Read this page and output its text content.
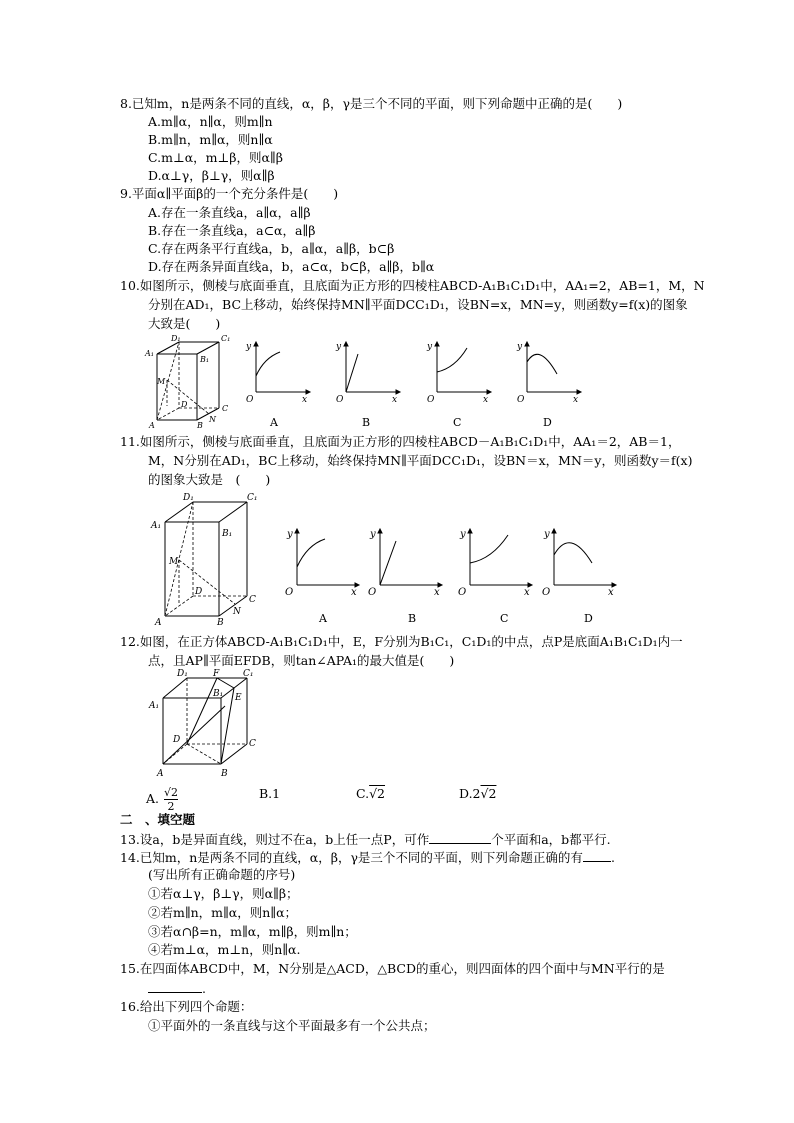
8.已知m，n是两条不同的直线，α，β，γ是三个不同的平面，则下列命题中正确的是(　　)
A.m∥α，n∥α，则m∥n
B.m∥n，m∥α，则n∥α
C.m⊥α，m⊥β，则α∥β
D.α⊥γ，β⊥γ，则α∥β
9.平面α∥平面β的一个充分条件是(　　)
A.存在一条直线a，a∥α，a∥β
B.存在一条直线a，a⊂α，a∥β
C.存在两条平行直线a，b，a∥α，a∥β，b⊂β
D.存在两条异面直线a，b，a⊂α，b⊂β，a∥β，b∥α
10.如图所示，侧棱与底面垂直，且底面为正方形的四棱柱ABCD-A₁B₁C₁D₁中，AA₁=2，AB=1，M，N
分别在AD₁，BC上移动，始终保持MN∥平面DCC₁D₁，设BN=x，MN=y，则函数y=f(x)的图象
大致是(　　)
D₁	C₁
A₁
B₁
M
D
A	B
N
C
y
x
O
A
y
x
O
B
y
x
O
C
y
x
O
D
11.如图所示，侧棱与底面垂直，且底面为正方形的四棱柱ABCD－A₁B₁C₁D₁中，AA₁＝2，AB＝1，
M，N分别在AD₁，BC上移动，始终保持MN∥平面DCC₁D₁，设BN＝x，MN＝y，则函数y＝f(x)
的图象大致是　(　　)
D₁	C₁
A₁
B₁
M
D
A	B
N
C
y
x
O
A
y
x
O
B
y
x
O
C
y
x
O
D
12.如图，在正方体ABCD-A₁B₁C₁D₁中，E，F分别为B₁C₁，C₁D₁的中点，点P是底面A₁B₁C₁D₁内一
点，且AP∥平面EFDB，则tan∠APA₁的最大值是(　　)
D₁	F	C₁
B₁ E
A₁
D	C
A	B
A. $\frac{√2}{2}$	B.1	C.√2	D.2√2
二　、填空题
13.设a，b是异面直线，则过不在a，b上任一点P，可作	个平面和a，b都平行.
14.已知m，n是两条不同的直线，α，β，γ是三个不同的平面，则下列命题正确的有 .
(写出所有正确命题的序号)
①若α⊥γ，β⊥γ，则α∥β；
②若m∥n，m∥α，则n∥α；
③若α∩β=n，m∥α，m∥β，则m∥n；
④若m⊥α，m⊥n，则n∥α.
15.在四面体ABCD中，M，N分别是△ACD，△BCD的重心，则四面体的四个面中与MN平行的是
.
16.给出下列四个命题：
①平面外的一条直线与这个平面最多有一个公共点；
